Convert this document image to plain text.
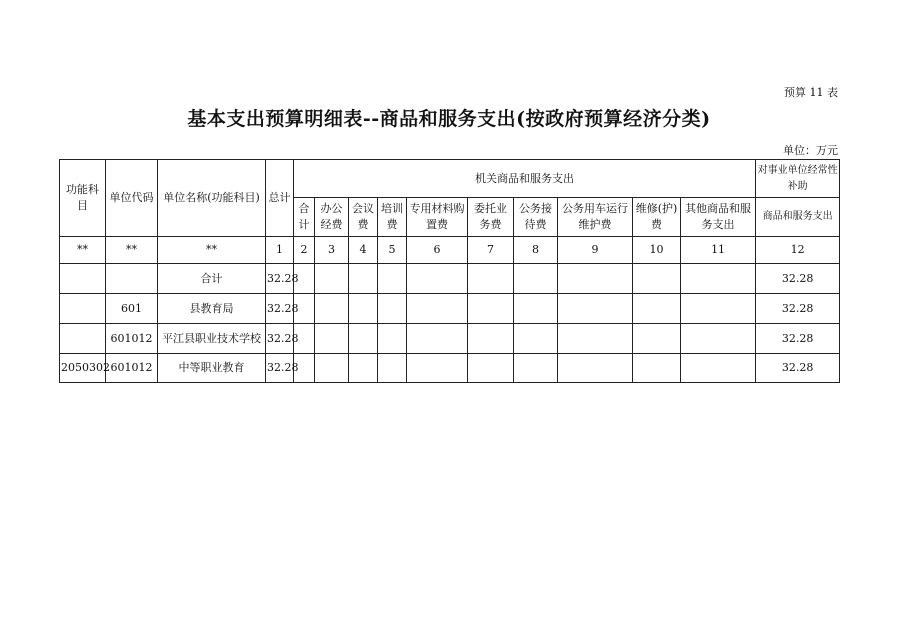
预算 11 表
基本支出预算明细表--商品和服务支出(按政府预算经济分类)
单位：万元
功能科目	单位代码	单位名称(功能科目)	总计	机关商品和服务支出										对事业单位经常性补助
				合计	办公经费	会议费	培训费	专用材料购置费	委托业务费	公务接待费	公务用车运行维护费	维修(护)费	其他商品和服务支出	商品和服务支出
**	**	**	1	2	3	4	5	6	7	8	9	10	11	12
		合计	32.28											32.28
	601	县教育局	32.28											32.28
	601012	平江县职业技术学校	32.28											32.28
2050302	601012	中等职业教育	32.28											32.28
